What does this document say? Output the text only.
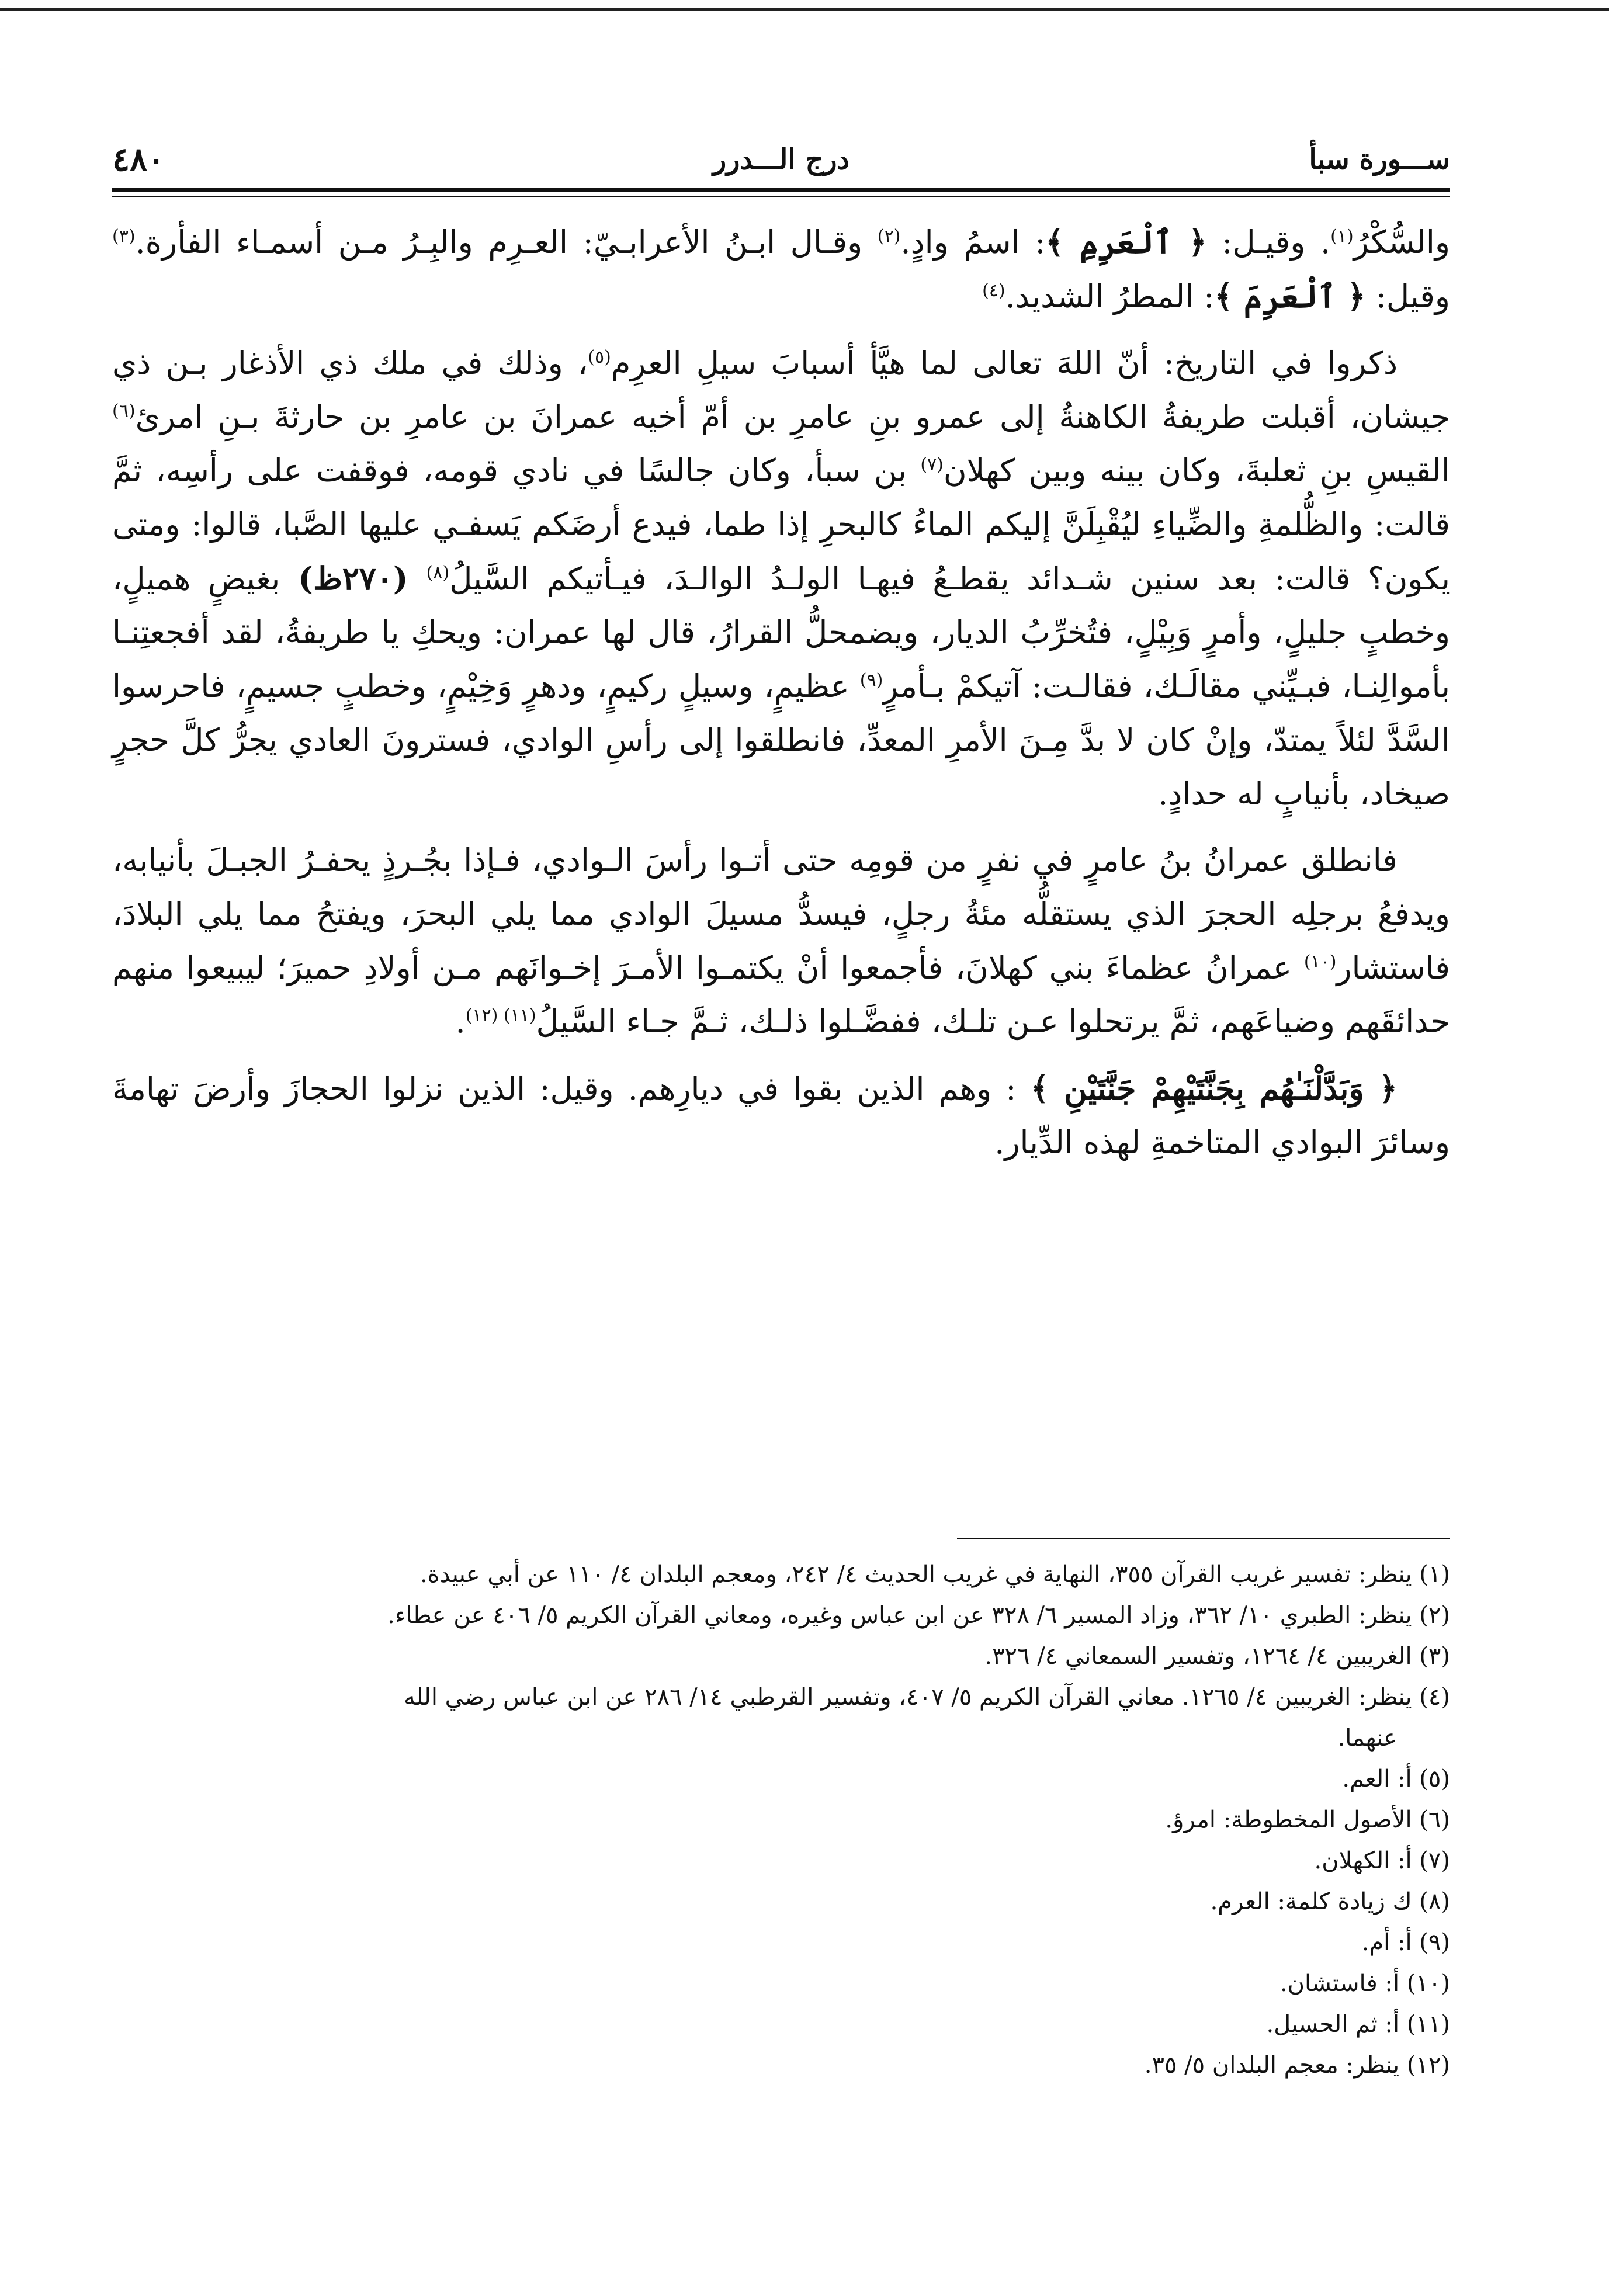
ســـورة سبأ
درج الـــدرر
٤٨٠

والسُّكْرُ$^{(١)}$. وقيـل: ﴿ ٱلْعَرِمِ ﴾: اسمُ وادٍ.$^{(٢)}$ وقـال ابـنُ الأعرابـيّ: العـرِم والبِـرُ مـن أسمـاء الفأرة.$^{(٣)}$ وقيل: ﴿ ٱلْعَرِمَ ﴾: المطرُ الشديد.$^{(٤)}$

ذكروا في التاريخ: أنّ اللهَ تعالى لما هيَّأ أسبابَ سيلِ العرِم$^{(٥)}$، وذلك في ملك ذي الأذغار بـن ذي جيشان، أقبلت طريفةُ الكاهنةُ إلى عمرو بنِ عامرِ بن أمّ أخيه عمرانَ بن عامرِ بن حارثةَ بـنِ امرئ$^{(٦)}$ القيسِ بنِ ثعلبةَ، وكان بينه وبين كهلان$^{(٧)}$ بن سبأ، وكان جالسًا في نادي قومه، فوقفت على رأسِه، ثمَّ قالت: والظُّلمةِ والضِّياءِ ليُقْبِلَنَّ إليكم الماءُ كالبحرِ إذا طما، فيدع أرضَكم يَسفـي عليها الصَّبا، قالوا: ومتى يكون؟ قالت: بعد سنين شـدائد يقطـعُ فيهـا الولـدُ الوالـدَ، فيـأتيكم السَّيلُ$^{(٨)}$ (٢٧٠ظ) بغيضٍ هميلٍ، وخطبٍ جليلٍ، وأمرٍ وَبِيْلٍ، فتُخرِّبُ الديار، ويضمحلُّ القرارُ، قال لها عمران: ويحكِ يا طريفةُ، لقد أفجعتِنـا بأموالِنـا، فبـيِّني مقالَـك، فقالـت: آتيكمْ بـأمرٍ$^{(٩)}$ عظيمٍ، وسيلٍ ركيمٍ، ودهرٍ وَخِيْمٍ، وخطبٍ جسيمٍ، فاحرسوا السَّدَّ لئلاً يمتدّ، وإنْ كان لا بدَّ مِـنَ الأمرِ المعدِّ، فانطلقوا إلى رأسِ الوادي، فسترونَ العادي يجرُّ كلَّ حجرٍ صيخاد، بأنيابٍ له حدادٍ.

فانطلق عمرانُ بنُ عامرٍ في نفرٍ من قومِه حتى أتـوا رأسَ الـوادي، فـإذا بجُـرذٍ يحفـرُ الجبـلَ بأنيابه، ويدفعُ برجلِه الحجرَ الذي يستقلُّه مئةُ رجلٍ، فيسدُّ مسيلَ الوادي مما يلي البحرَ، ويفتحُ مما يلي البلادَ، فاستشار$^{(١٠)}$ عمرانُ عظماءَ بني كهلانَ، فأجمعوا أنْ يكتمـوا الأمـرَ إخـوانَهم مـن أولادِ حميرَ؛ ليبيعوا منهم حدائقَهم وضياعَهم، ثمَّ يرتحلوا عـن تلـك، ففضَّـلوا ذلـك، ثـمَّ جـاء السَّيلُ$^{(١١) (١٢)}$.

﴿ وَبَدَّلْنَـٰهُم بِجَنَّتَيْهِمْ جَنَّتَيْنِ ﴾ : وهم الذين بقوا في ديارِهم. وقيل: الذين نزلوا الحجازَ وأرضَ تهامةَ وسائرَ البوادي المتاخمةِ لهذه الدِّيار.

(١) ينظر: تفسير غريب القرآن ٣٥٥، النهاية في غريب الحديث ٤/ ٢٤٢، ومعجم البلدان ٤/ ١١٠ عن أبي عبيدة.
(٢) ينظر: الطبري ١٠/ ٣٦٢، وزاد المسير ٦/ ٣٢٨ عن ابن عباس وغيره، ومعاني القرآن الكريم ٥/ ٤٠٦ عن عطاء.
(٣) الغريبين ٤/ ١٢٦٤، وتفسير السمعاني ٤/ ٣٢٦.
(٤) ينظر: الغريبين ٤/ ١٢٦٥. معاني القرآن الكريم ٥/ ٤٠٧، وتفسير القرطبي ١٤/ ٢٨٦ عن ابن عباس رضي الله
عنهما.
(٥) أ: العم.
(٦) الأصول المخطوطة: امرؤ.
(٧) أ: الكهلان.
(٨) ك زيادة كلمة: العرم.
(٩) أ: أم.
(١٠) أ: فاستشان.
(١١) أ: ثم الحسيل.
(١٢) ينظر: معجم البلدان ٥/ ٣٥.
